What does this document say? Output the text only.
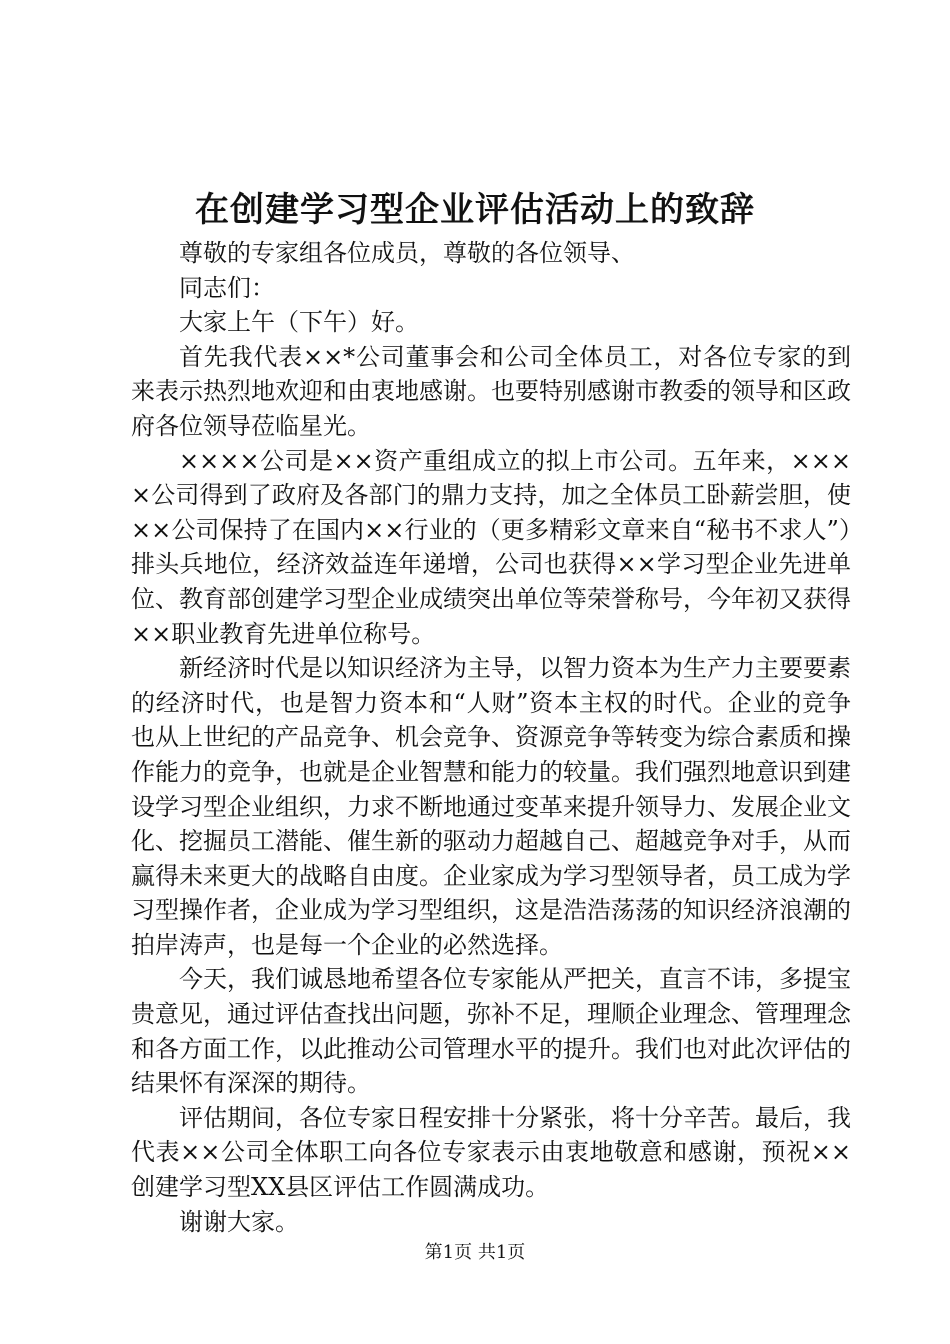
在创建学习型企业评估活动上的致辞

尊敬的专家组各位成员，尊敬的各位领导、

同志们：

大家上午（下午）好。

首先我代表××*公司董事会和公司全体员工，对各位专家的到来表示热烈地欢迎和由衷地感谢。也要特别感谢市教委的领导和区政府各位领导莅临星光。

××××公司是××资产重组成立的拟上市公司。五年来，××××公司得到了政府及各部门的鼎力支持，加之全体员工卧薪尝胆，使××公司保持了在国内××行业的（更多精彩文章来自“秘书不求人”）排头兵地位，经济效益连年递增，公司也获得××学习型企业先进单位、教育部创建学习型企业成绩突出单位等荣誉称号，今年初又获得××职业教育先进单位称号。

新经济时代是以知识经济为主导，以智力资本为生产力主要要素的经济时代，也是智力资本和“人财”资本主权的时代。企业的竞争也从上世纪的产品竞争、机会竞争、资源竞争等转变为综合素质和操作能力的竞争，也就是企业智慧和能力的较量。我们强烈地意识到建设学习型企业组织，力求不断地通过变革来提升领导力、发展企业文化、挖掘员工潜能、催生新的驱动力超越自己、超越竞争对手，从而赢得未来更大的战略自由度。企业家成为学习型领导者，员工成为学习型操作者，企业成为学习型组织，这是浩浩荡荡的知识经济浪潮的拍岸涛声，也是每一个企业的必然选择。

今天，我们诚恳地希望各位专家能从严把关，直言不讳，多提宝贵意见，通过评估查找出问题，弥补不足，理顺企业理念、管理理念和各方面工作，以此推动公司管理水平的提升。我们也对此次评估的结果怀有深深的期待。

评估期间，各位专家日程安排十分紧张，将十分辛苦。最后，我代表××公司全体职工向各位专家表示由衷地敬意和感谢，预祝××创建学习型XX县区评估工作圆满成功。

谢谢大家。

第1页 共1页
